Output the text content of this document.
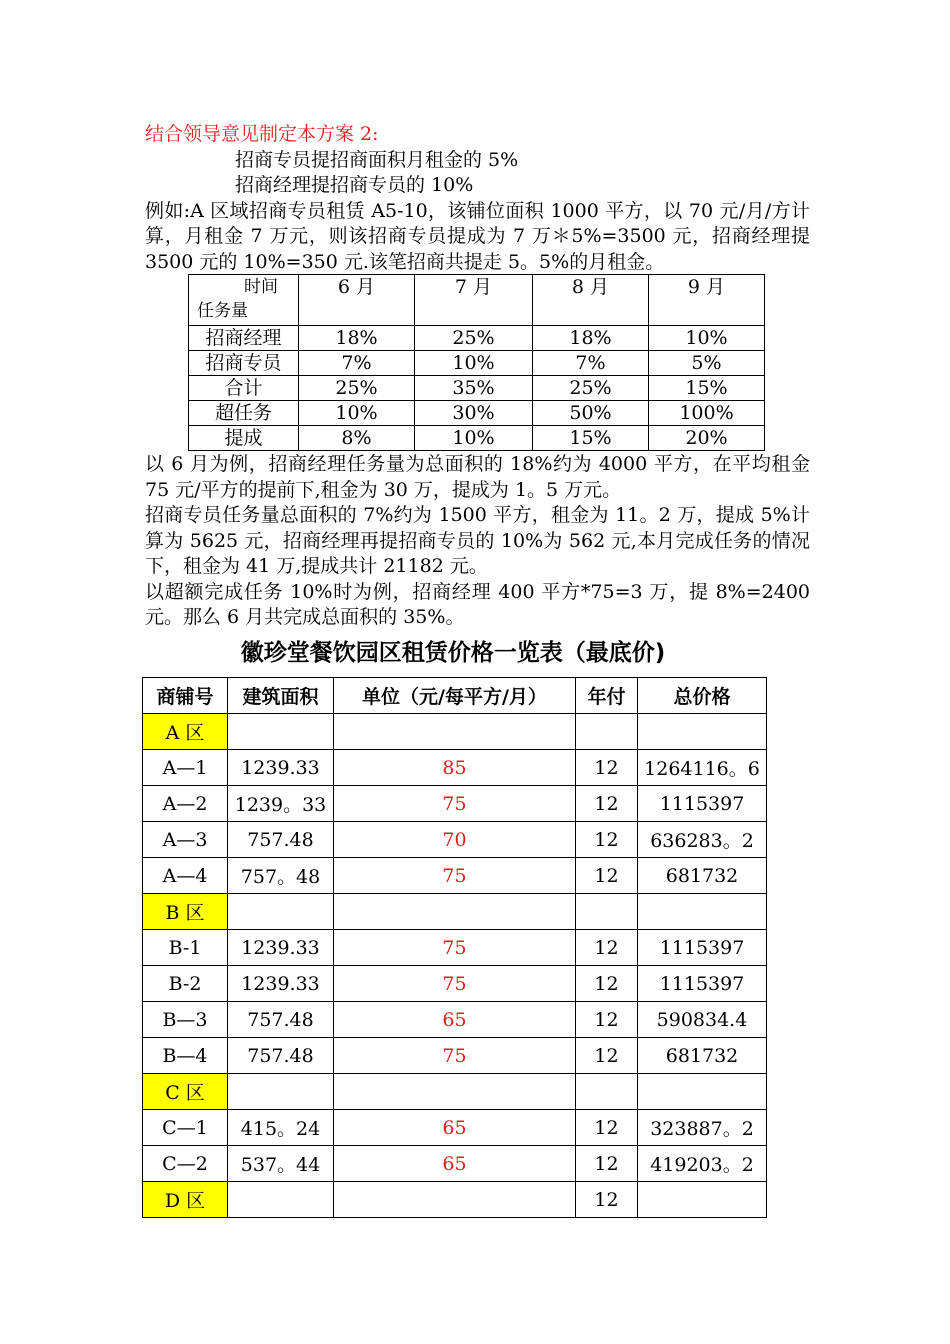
结合领导意见制定本方案 2:
招商专员提招商面积月租金的 5%
招商经理提招商专员的 10%
例如:A 区域招商专员租赁 A5-10，该铺位面积 1000 平方，以 70 元/月/方计算，月租金 7 万元，则该招商专员提成为 7 万＊5%=3500 元，招商经理提 3500 元的 10%=350 元.该笔招商共提走 5。5%的月租金。
时间
任务量	6 月	7 月	8 月	9 月
招商经理	18%	25%	18%	10%
招商专员	7%	10%	7%	5%
合计	25%	35%	25%	15%
超任务	10%	30%	50%	100%
提成	8%	10%	15%	20%
以 6 月为例，招商经理任务量为总面积的 18%约为 4000 平方，在平均租金 75 元/平方的提前下,租金为 30 万，提成为 1。5 万元。
招商专员任务量总面积的 7%约为 1500 平方，租金为 11。2 万，提成 5%计算为 5625 元，招商经理再提招商专员的 10%为 562 元,本月完成任务的情况下，租金为 41 万,提成共计 21182 元。
以超额完成任务 10%时为例，招商经理 400 平方*75=3 万，提 8%=2400 元。那么 6 月共完成总面积的 35%。
徽珍堂餐饮园区租赁价格一览表（最底价)
商铺号	建筑面积	单位（元/每平方/月）	年付	总价格
A 区				
A—1	1239.33	85	12	1264116。6
A—2	1239。33	75	12	1115397
A—3	757.48	70	12	636283。2
A—4	757。48	75	12	681732
B 区				
B-1	1239.33	75	12	1115397
B-2	1239.33	75	12	1115397
B—3	757.48	65	12	590834.4
B—4	757.48	75	12	681732
C 区				
C—1	415。24	65	12	323887。2
C—2	537。44	65	12	419203。2
D 区			12	
